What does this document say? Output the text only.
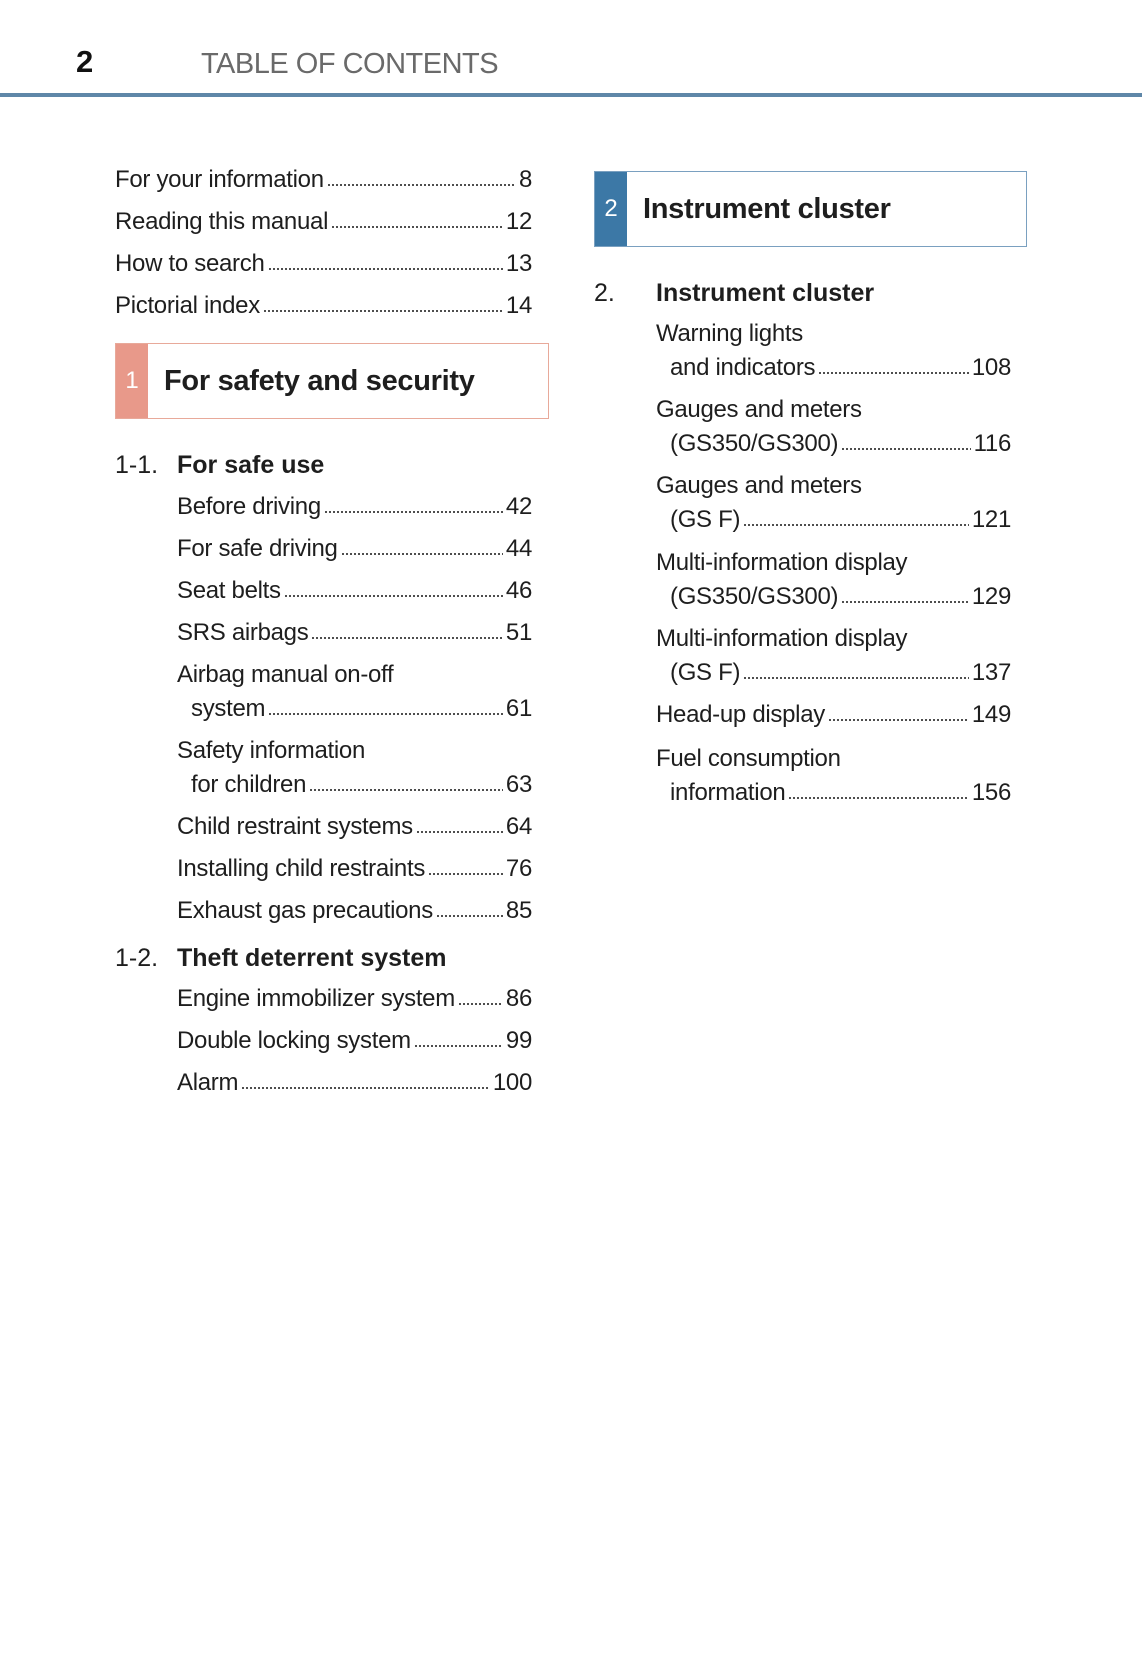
2	TABLE OF CONTENTS
For your information	8
Reading this manual	12
How to search	13
Pictorial index	14
Before driving	42
For safe driving	44
Seat belts	46
SRS airbags	51
Airbag manual on-off
system	61
Safety information
for children	63
Child restraint systems	64
Installing child restraints	76
Exhaust gas precautions	85
Engine immobilizer system 86
Double locking system	99
Alarm	100
Warning lights
and indicators	108
Gauges and meters
(GS350/GS300)	116
Gauges and meters
(GS F)	121
Multi-information display
(GS350/GS300)	129
Multi-information display
(GS F)	137
Head-up display	149
Fuel consumption
information	156
1 For safety and security
1-1. For safe use
1-2. Theft deterrent system
2 Instrument cluster
2. Instrument cluster
